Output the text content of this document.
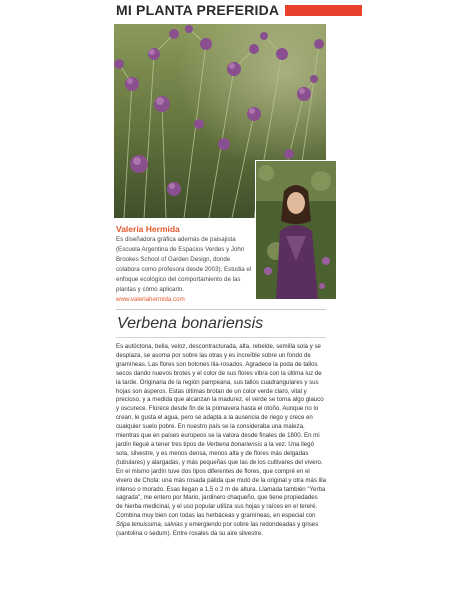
MI PLANTA PREFERIDA
Valeria Hermida
Es diseñadora gráfica además de paisajista (Escuela Argentina de Espacios Verdes y John Brookes School of Garden Design, donde colabora como profesora desde 2003). Estudia el enfoque ecológico del comportamiento de las plantas y cómo aplicarlo. www.valeriahermida.com
Verbena bonariensis

Es autóctona, bella, veloz, descontracturada, alta, rebelde, semilla sola y se desplaza, se asoma por sobre las otras y es increíble sobre un fondo de gramíneas. Las flores son botones lila-rosados. Agradece la poda de tallos secos dando nuevos brotes y el color de sus flores vibra con la última luz de la tarde. Originaria de la región pampeana, sus tallos cuadrangulares y sus hojas son ásperos. Estas últimas brotan de un color verde claro, vital y precioso, y a medida que alcanzan la madurez, el verde se torna algo glauco y oscurece. Florece desde fin de la primavera hasta el otoño. Aunque no lo crean, le gusta el agua, pero se adapta a la ausencia de riego y crece en cualquier suelo pobre. En nuestro país se la consideraba una maleza, mientras que en países europeos se la valora desde finales de 1800. En mi jardín llegué a tener tres tipos de Verbena bonariensis a la vez. Una llegó sola, silvestre, y es menos densa, menos alta y de flores más delgadas (tubulares) y alargadas, y más pequeñas que las de los cultivares del vivero. En el mismo jardín tuve dos tipos diferentes de flores, que compré en el vivero de Chola: una más rosada pálida que mutó de la original y otra más lila intenso o morado. Esas llegan a 1,5 o 2 m de altura. Llamada también "Yerba sagrada", me entero por Mario, jardinero chaqueño, que tiene propiedades de hierba medicinal, y el uso popular utiliza sus hojas y raíces en el tereré. Combina muy bien con todas las herbáceas y gramíneas, en especial con Stipa tenuissima, salvias y emergiendo por sobre las redondeadas y grises (santolina o sedum). Entre rosales da su aire silvestre.
